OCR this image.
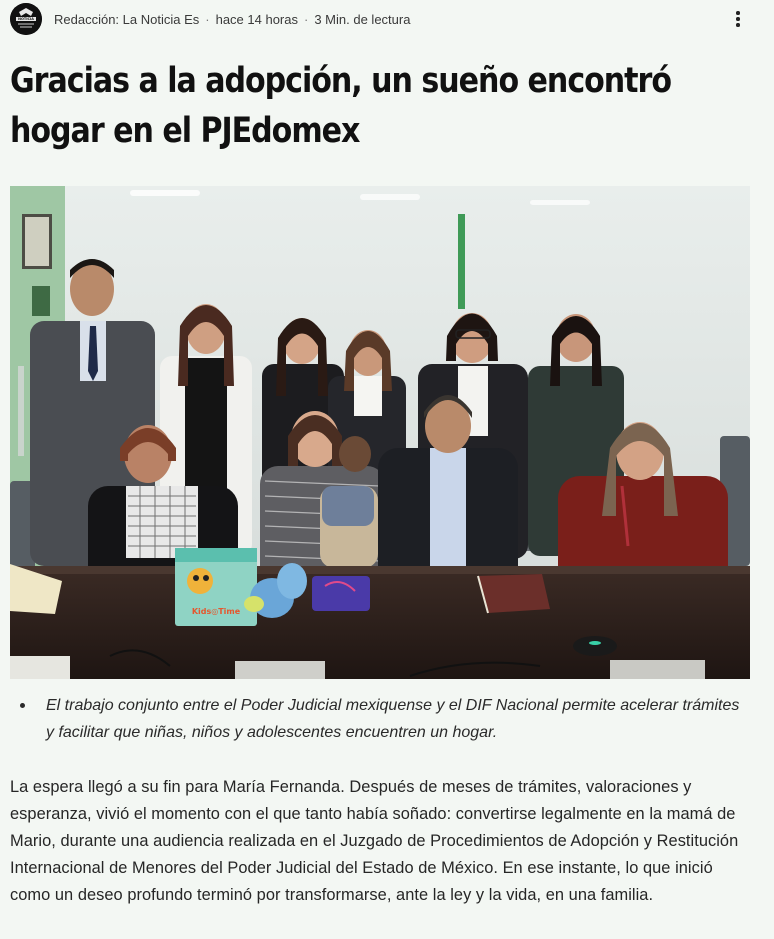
NOTICIA Redacción: La Noticia Es · hace 14 horas · 3 Min. de lectura
Gracias a la adopción, un sueño encontró hogar en el PJEdomex
Kids◎Time
El trabajo conjunto entre el Poder Judicial mexiquense y el DIF Nacional permite acelerar trámites y facilitar que niñas, niños y adolescentes encuentren un hogar.

La espera llegó a su fin para María Fernanda. Después de meses de trámites, valoraciones y esperanza, vivió el momento con el que tanto había soñado: convertirse legalmente en la mamá de Mario, durante una audiencia realizada en el Juzgado de Procedimientos de Adopción y Restitución Internacional de Menores del Poder Judicial del Estado de México. En ese instante, lo que inició como un deseo profundo terminó por transformarse, ante la ley y la vida, en una familia.
